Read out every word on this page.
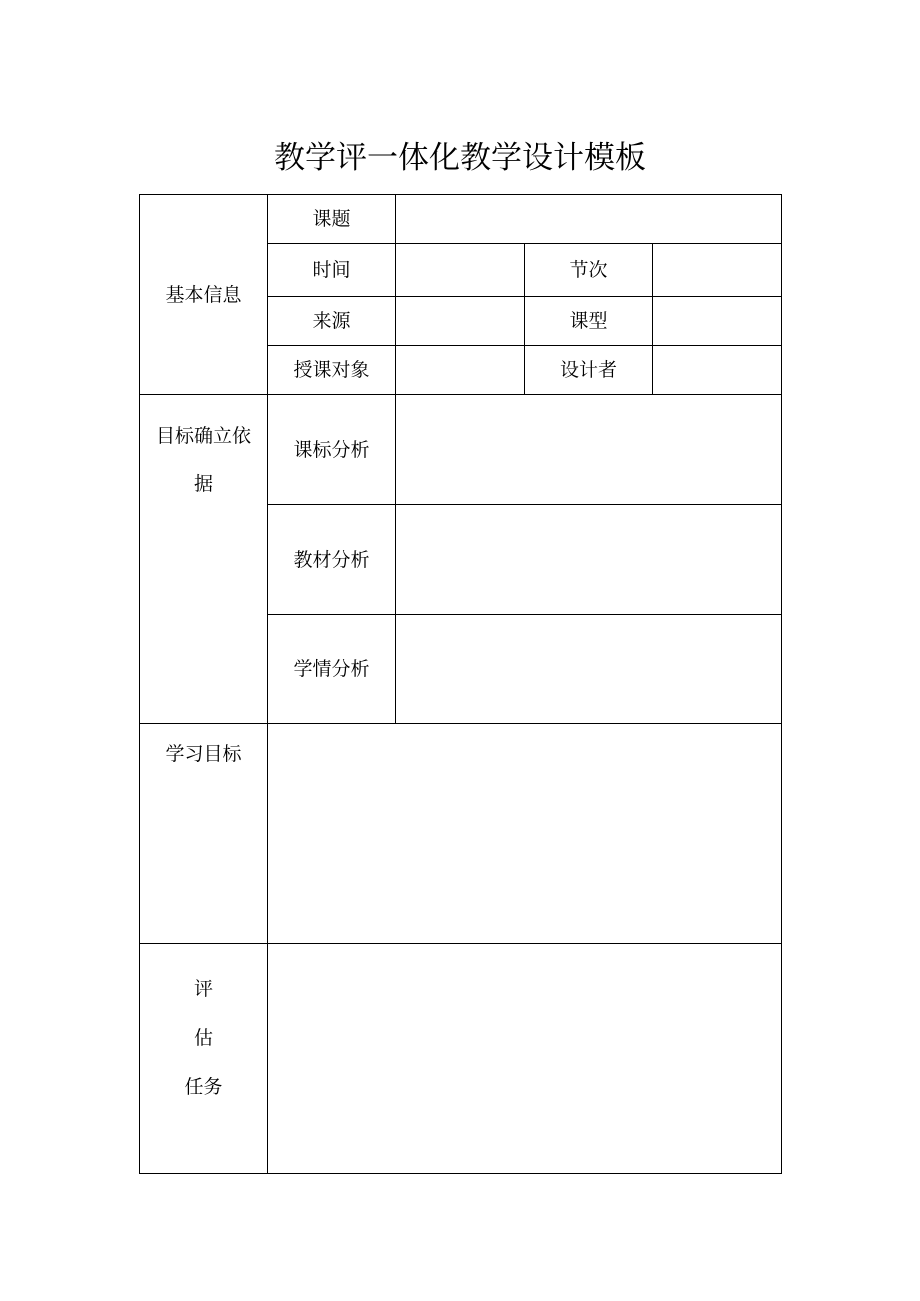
教学评一体化教学设计模板
基本信息	课题			

	时间		节次	

	来源		课型	

	授课对象		设计者	

目标确立依据	课标分析			

	教材分析			

	学情分析			

学习目标				

评
估
任务				
